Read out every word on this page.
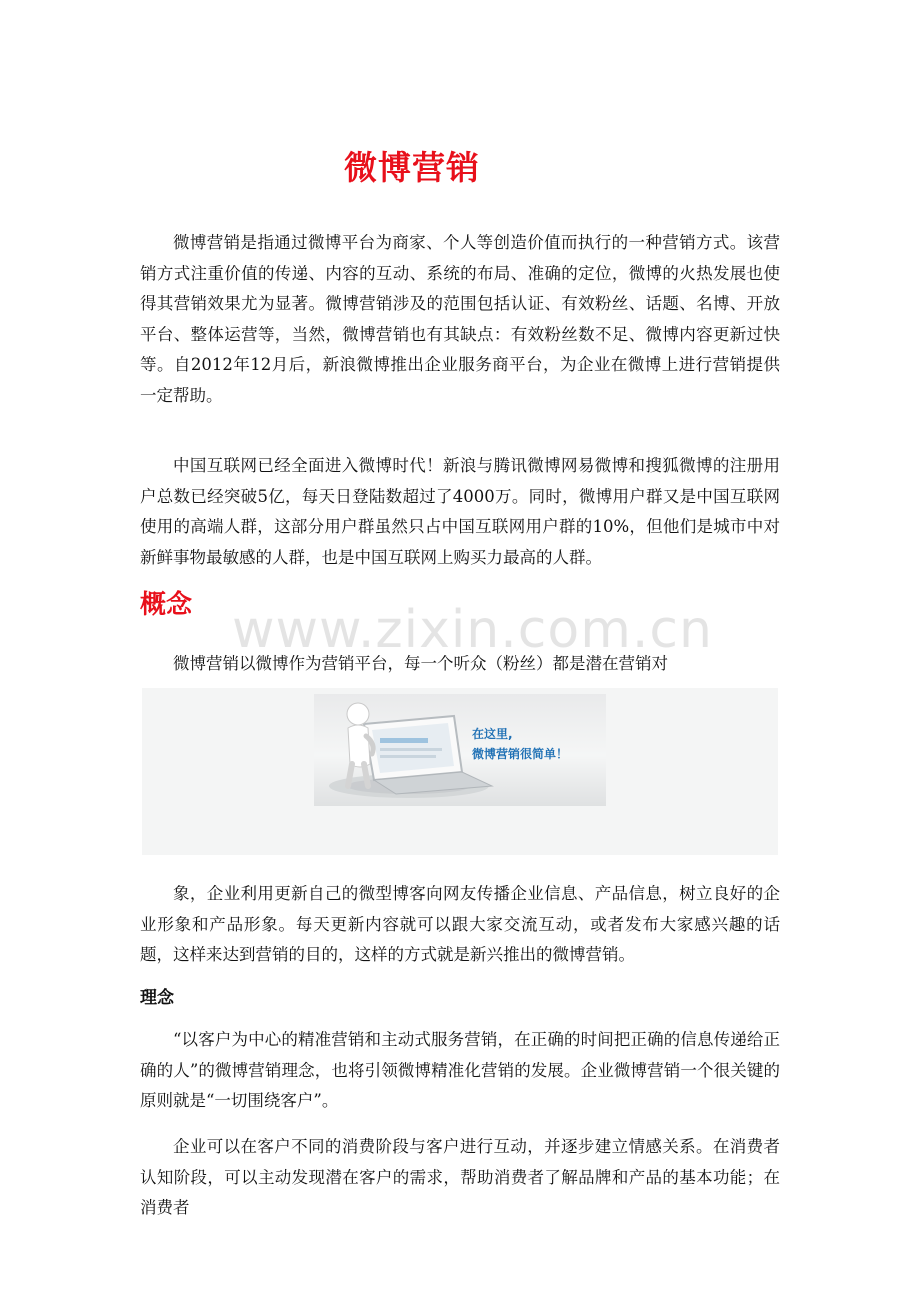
微博营销

微博营销是指通过微博平台为商家、个人等创造价值而执行的一种营销方式。该营销方式注重价值的传递、内容的互动、系统的布局、准确的定位，微博的火热发展也使得其营销效果尤为显著。微博营销涉及的范围包括认证、有效粉丝、话题、名博、开放平台、整体运营等，当然，微博营销也有其缺点：有效粉丝数不足、微博内容更新过快等。自2012年12月后，新浪微博推出企业服务商平台，为企业在微博上进行营销提供一定帮助。

中国互联网已经全面进入微博时代！新浪与腾讯微博网易微博和搜狐微博的注册用户总数已经突破5亿，每天日登陆数超过了4000万。同时，微博用户群又是中国互联网使用的高端人群，这部分用户群虽然只占中国互联网用户群的10%，但他们是城市中对新鲜事物最敏感的人群，也是中国互联网上购买力最高的人群。

概念 www.zixin.com.cn

微博营销以微博作为营销平台，每一个听众（粉丝）都是潜在营销对

在这里,
微博营销很简单！

象，企业利用更新自己的微型博客向网友传播企业信息、产品信息，树立良好的企业形象和产品形象。每天更新内容就可以跟大家交流互动，或者发布大家感兴趣的话题，这样来达到营销的目的，这样的方式就是新兴推出的微博营销。

理念

“以客户为中心的精准营销和主动式服务营销，在正确的时间把正确的信息传递给正确的人”的微博营销理念，也将引领微博精准化营销的发展。企业微博营销一个很关键的原则就是“一切围绕客户”。

企业可以在客户不同的消费阶段与客户进行互动，并逐步建立情感关系。在消费者认知阶段，可以主动发现潜在客户的需求，帮助消费者了解品牌和产品的基本功能；在消费者
